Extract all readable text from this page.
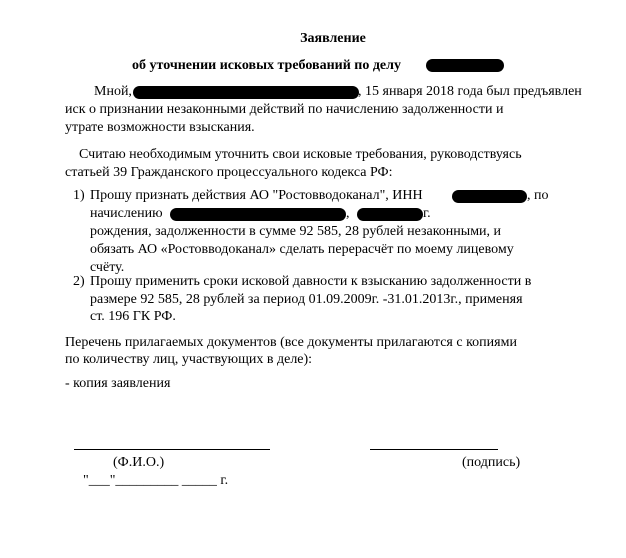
Заявление
об уточнении исковых требований по делу
Мной,	, 15 января 2018 года был предъявлен
иск о признании незаконными действий по начислению задолженности и
утрате возможности взыскания.
Считаю необходимым уточнить свои исковые требования, руководствуясь
статьей 39 Гражданского процессуального кодекса РФ:
1) Прошу признать действия АО "Ростовводоканал", ИНН	, по
начислению	,	г.
рождения, задолженности в сумме 92 585, 28 рублей незаконными, и
обязать АО «Ростовводоканал» сделать перерасчёт по моему лицевому
счёту.
2) Прошу применить сроки исковой давности к взысканию задолженности в
размере 92 585, 28 рублей за период 01.09.2009г. -31.01.2013г., применяя
ст. 196 ГК РФ.
Перечень прилагаемых документов (все документы прилагаются с копиями
по количеству лиц, участвующих в деле):
- копия заявления
(Ф.И.О.)	(подпись)
"___"_________ _____ г.
